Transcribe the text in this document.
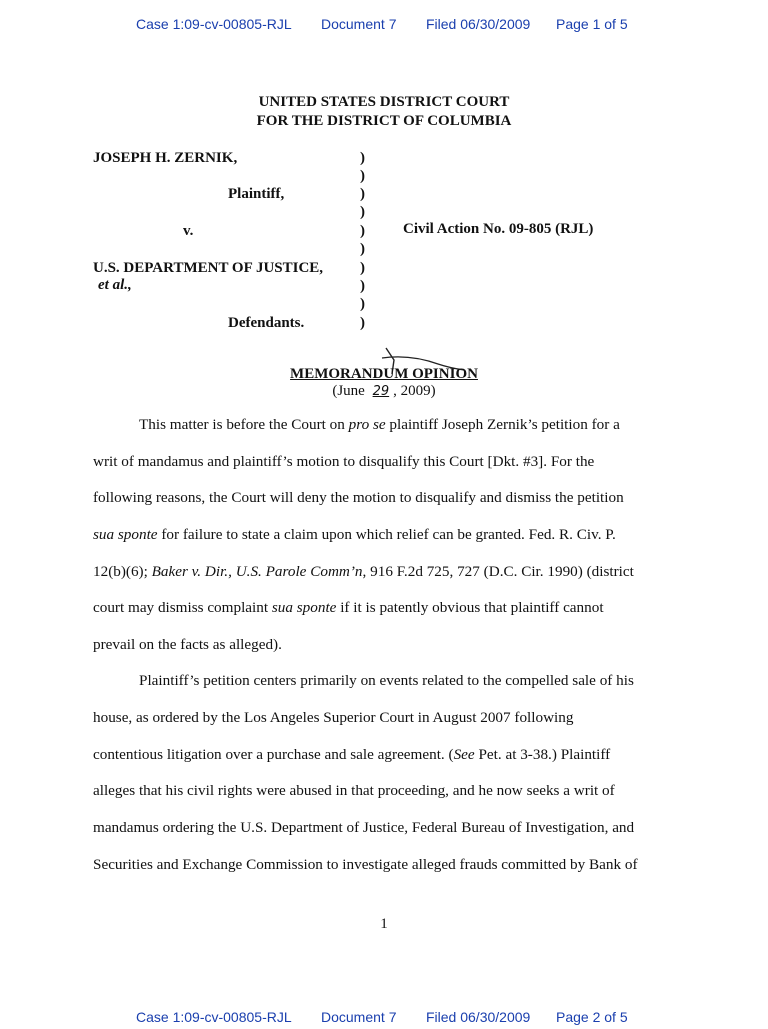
Case 1:09-cv-00805-RJL Document 7 Filed 06/30/2009 Page 1 of 5
UNITED STATES DISTRICT COURT
FOR THE DISTRICT OF COLUMBIA
JOSEPH H. ZERNIK,
Plaintiff,
v.
U.S. DEPARTMENT OF JUSTICE,
et al.,
Defendants.
Civil Action No. 09-805 (RJL)
)
)
)
)
)
)
)
)
)
)
MEMORANDUM OPINION
(June 29 , 2009)
This matter is before the Court on pro se plaintiff Joseph Zernik’s petition for a
writ of mandamus and plaintiff’s motion to disqualify this Court [Dkt. #3]. For the
following reasons, the Court will deny the motion to disqualify and dismiss the petition
sua sponte for failure to state a claim upon which relief can be granted. Fed. R. Civ. P.
12(b)(6); Baker v. Dir., U.S. Parole Comm’n, 916 F.2d 725, 727 (D.C. Cir. 1990) (district
court may dismiss complaint sua sponte if it is patently obvious that plaintiff cannot
prevail on the facts as alleged).
Plaintiff’s petition centers primarily on events related to the compelled sale of his
house, as ordered by the Los Angeles Superior Court in August 2007 following
contentious litigation over a purchase and sale agreement. (See Pet. at 3-38.) Plaintiff
alleges that his civil rights were abused in that proceeding, and he now seeks a writ of
mandamus ordering the U.S. Department of Justice, Federal Bureau of Investigation, and
Securities and Exchange Commission to investigate alleged frauds committed by Bank of
1
Case 1:09-cv-00805-RJL Document 7 Filed 06/30/2009 Page 2 of 5
